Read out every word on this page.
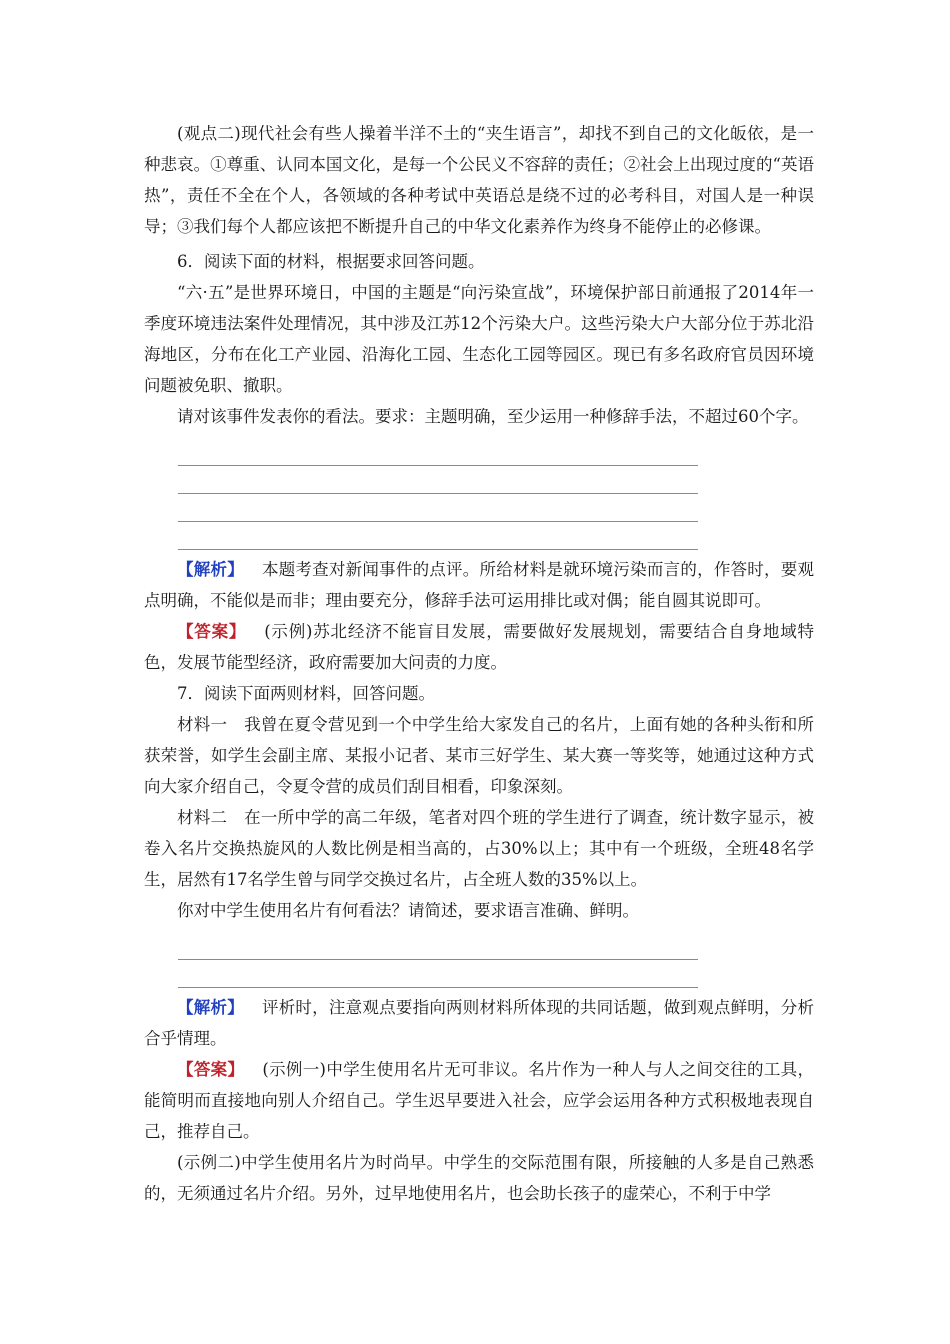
(观点二)现代社会有些人操着半洋不土的“夹生语言”，却找不到自己的文化皈依，是一种悲哀。①尊重、认同本国文化，是每一个公民义不容辞的责任；②社会上出现过度的“英语热”，责任不全在个人，各领域的各种考试中英语总是绕不过的必考科目，对国人是一种误导；③我们每个人都应该把不断提升自己的中华文化素养作为终身不能停止的必修课。

6．阅读下面的材料，根据要求回答问题。

“六·五”是世界环境日，中国的主题是“向污染宣战”，环境保护部日前通报了2014年一季度环境违法案件处理情况，其中涉及江苏12个污染大户。这些污染大户大部分位于苏北沿海地区，分布在化工产业园、沿海化工园、生态化工园等园区。现已有多名政府官员因环境问题被免职、撤职。

请对该事件发表你的看法。要求：主题明确，至少运用一种修辞手法，不超过60个字。

【解析】 本题考查对新闻事件的点评。所给材料是就环境污染而言的，作答时，要观点明确，不能似是而非；理由要充分，修辞手法可运用排比或对偶；能自圆其说即可。

【答案】 (示例)苏北经济不能盲目发展，需要做好发展规划，需要结合自身地域特色，发展节能型经济，政府需要加大问责的力度。

7．阅读下面两则材料，回答问题。

材料一　我曾在夏令营见到一个中学生给大家发自己的名片，上面有她的各种头衔和所获荣誉，如学生会副主席、某报小记者、某市三好学生、某大赛一等奖等，她通过这种方式向大家介绍自己，令夏令营的成员们刮目相看，印象深刻。

材料二　在一所中学的高二年级，笔者对四个班的学生进行了调查，统计数字显示，被卷入名片交换热旋风的人数比例是相当高的，占30%以上；其中有一个班级，全班48名学生，居然有17名学生曾与同学交换过名片，占全班人数的35%以上。

你对中学生使用名片有何看法？请简述，要求语言准确、鲜明。

【解析】 评析时，注意观点要指向两则材料所体现的共同话题，做到观点鲜明，分析合乎情理。

【答案】 (示例一)中学生使用名片无可非议。名片作为一种人与人之间交往的工具，能简明而直接地向别人介绍自己。学生迟早要进入社会，应学会运用各种方式积极地表现自己，推荐自己。

(示例二)中学生使用名片为时尚早。中学生的交际范围有限，所接触的人多是自己熟悉的，无须通过名片介绍。另外，过早地使用名片，也会助长孩子的虚荣心，不利于中学
